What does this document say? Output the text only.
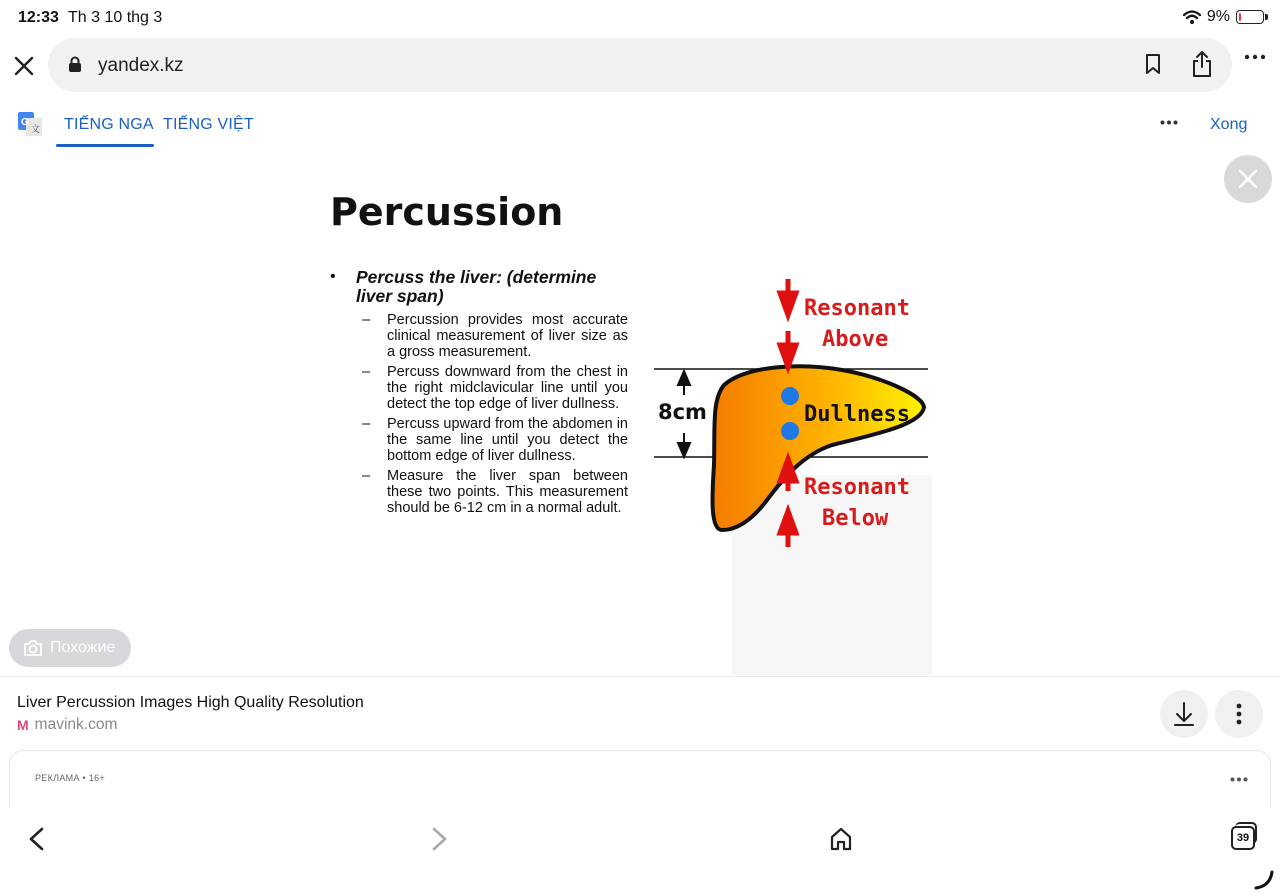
12:33 Th 3 10 thg 3	9%
yandex.kz
G
文 TIẾNG NGA TIẾNG VIỆT	Xong
Percussion
• Percuss the liver: (determine liver span)
– Percussion provides most accurate clinical measurement of liver size as a gross measurement.
– Percuss downward from the chest in the right midclavicular line until you detect the top edge of liver dullness.
– Percuss upward from the abdomen in the same line until you detect the bottom edge of liver dullness.
– Measure the liver span between these two points. This measurement should be 6-12 cm in a normal adult.
8cm
Resonant
Above
Dullness
Resonant
Below
Похожие
Liver Percussion Images High Quality Resolution
M mavink.com
РЕКЛАМА • 16+
39
